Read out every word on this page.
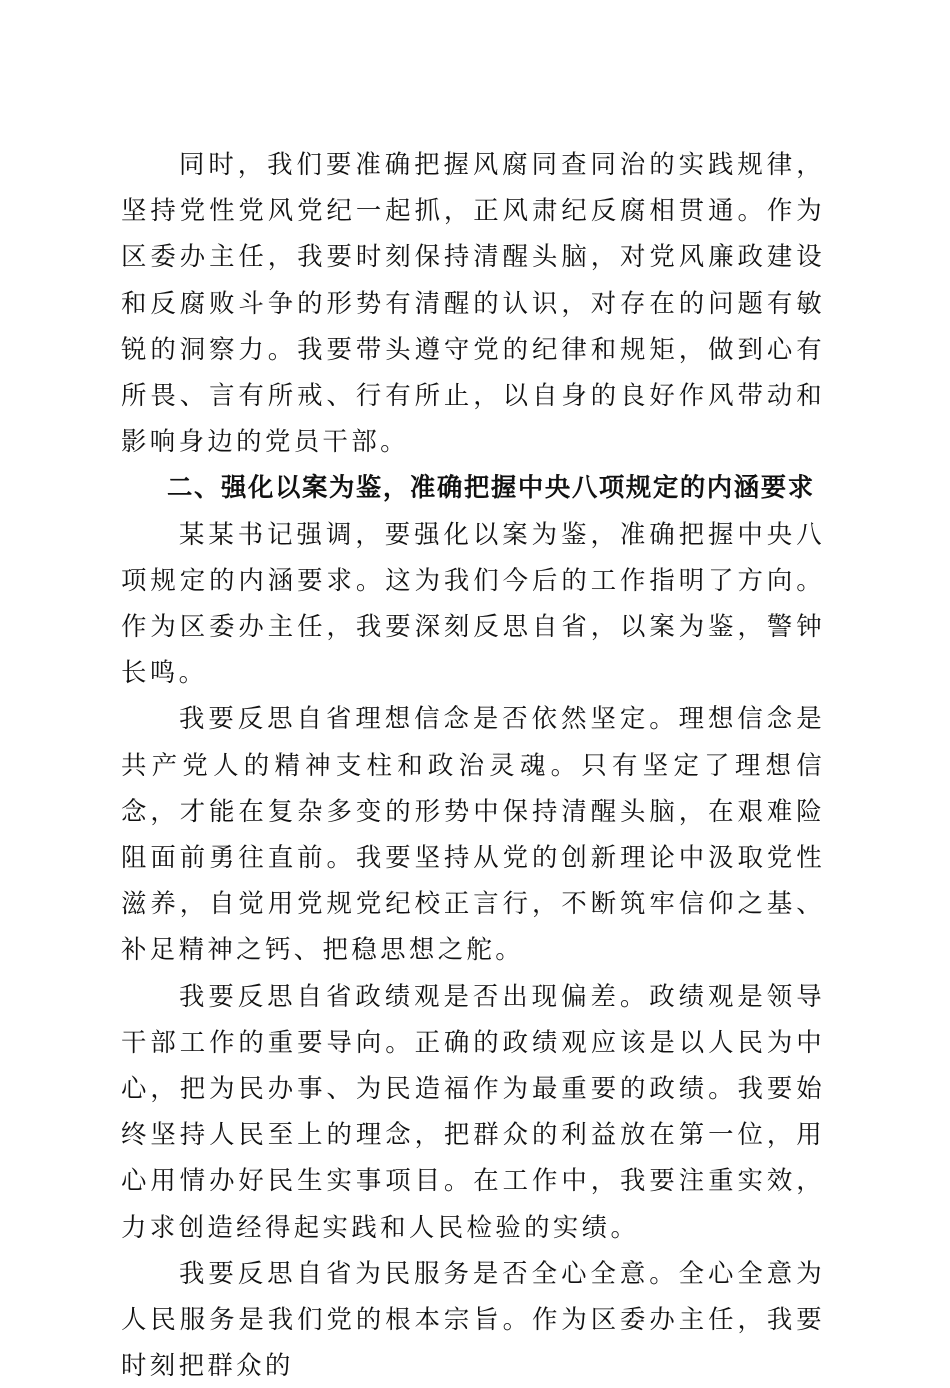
同时，我们要准确把握风腐同查同治的实践规律，坚持党性党风党纪一起抓，正风肃纪反腐相贯通。作为区委办主任，我要时刻保持清醒头脑，对党风廉政建设和反腐败斗争的形势有清醒的认识，对存在的问题有敏锐的洞察力。我要带头遵守党的纪律和规矩，做到心有所畏、言有所戒、行有所止，以自身的良好作风带动和影响身边的党员干部。

二、强化以案为鉴，准确把握中央八项规定的内涵要求

某某书记强调，要强化以案为鉴，准确把握中央八项规定的内涵要求。这为我们今后的工作指明了方向。作为区委办主任，我要深刻反思自省，以案为鉴，警钟长鸣。

我要反思自省理想信念是否依然坚定。理想信念是共产党人的精神支柱和政治灵魂。只有坚定了理想信念，才能在复杂多变的形势中保持清醒头脑，在艰难险阻面前勇往直前。我要坚持从党的创新理论中汲取党性滋养，自觉用党规党纪校正言行，不断筑牢信仰之基、补足精神之钙、把稳思想之舵。

我要反思自省政绩观是否出现偏差。政绩观是领导干部工作的重要导向。正确的政绩观应该是以人民为中心，把为民办事、为民造福作为最重要的政绩。我要始终坚持人民至上的理念，把群众的利益放在第一位，用心用情办好民生实事项目。在工作中，我要注重实效，力求创造经得起实践和人民检验的实绩。

我要反思自省为民服务是否全心全意。全心全意为人民服务是我们党的根本宗旨。作为区委办主任，我要时刻把群众的
